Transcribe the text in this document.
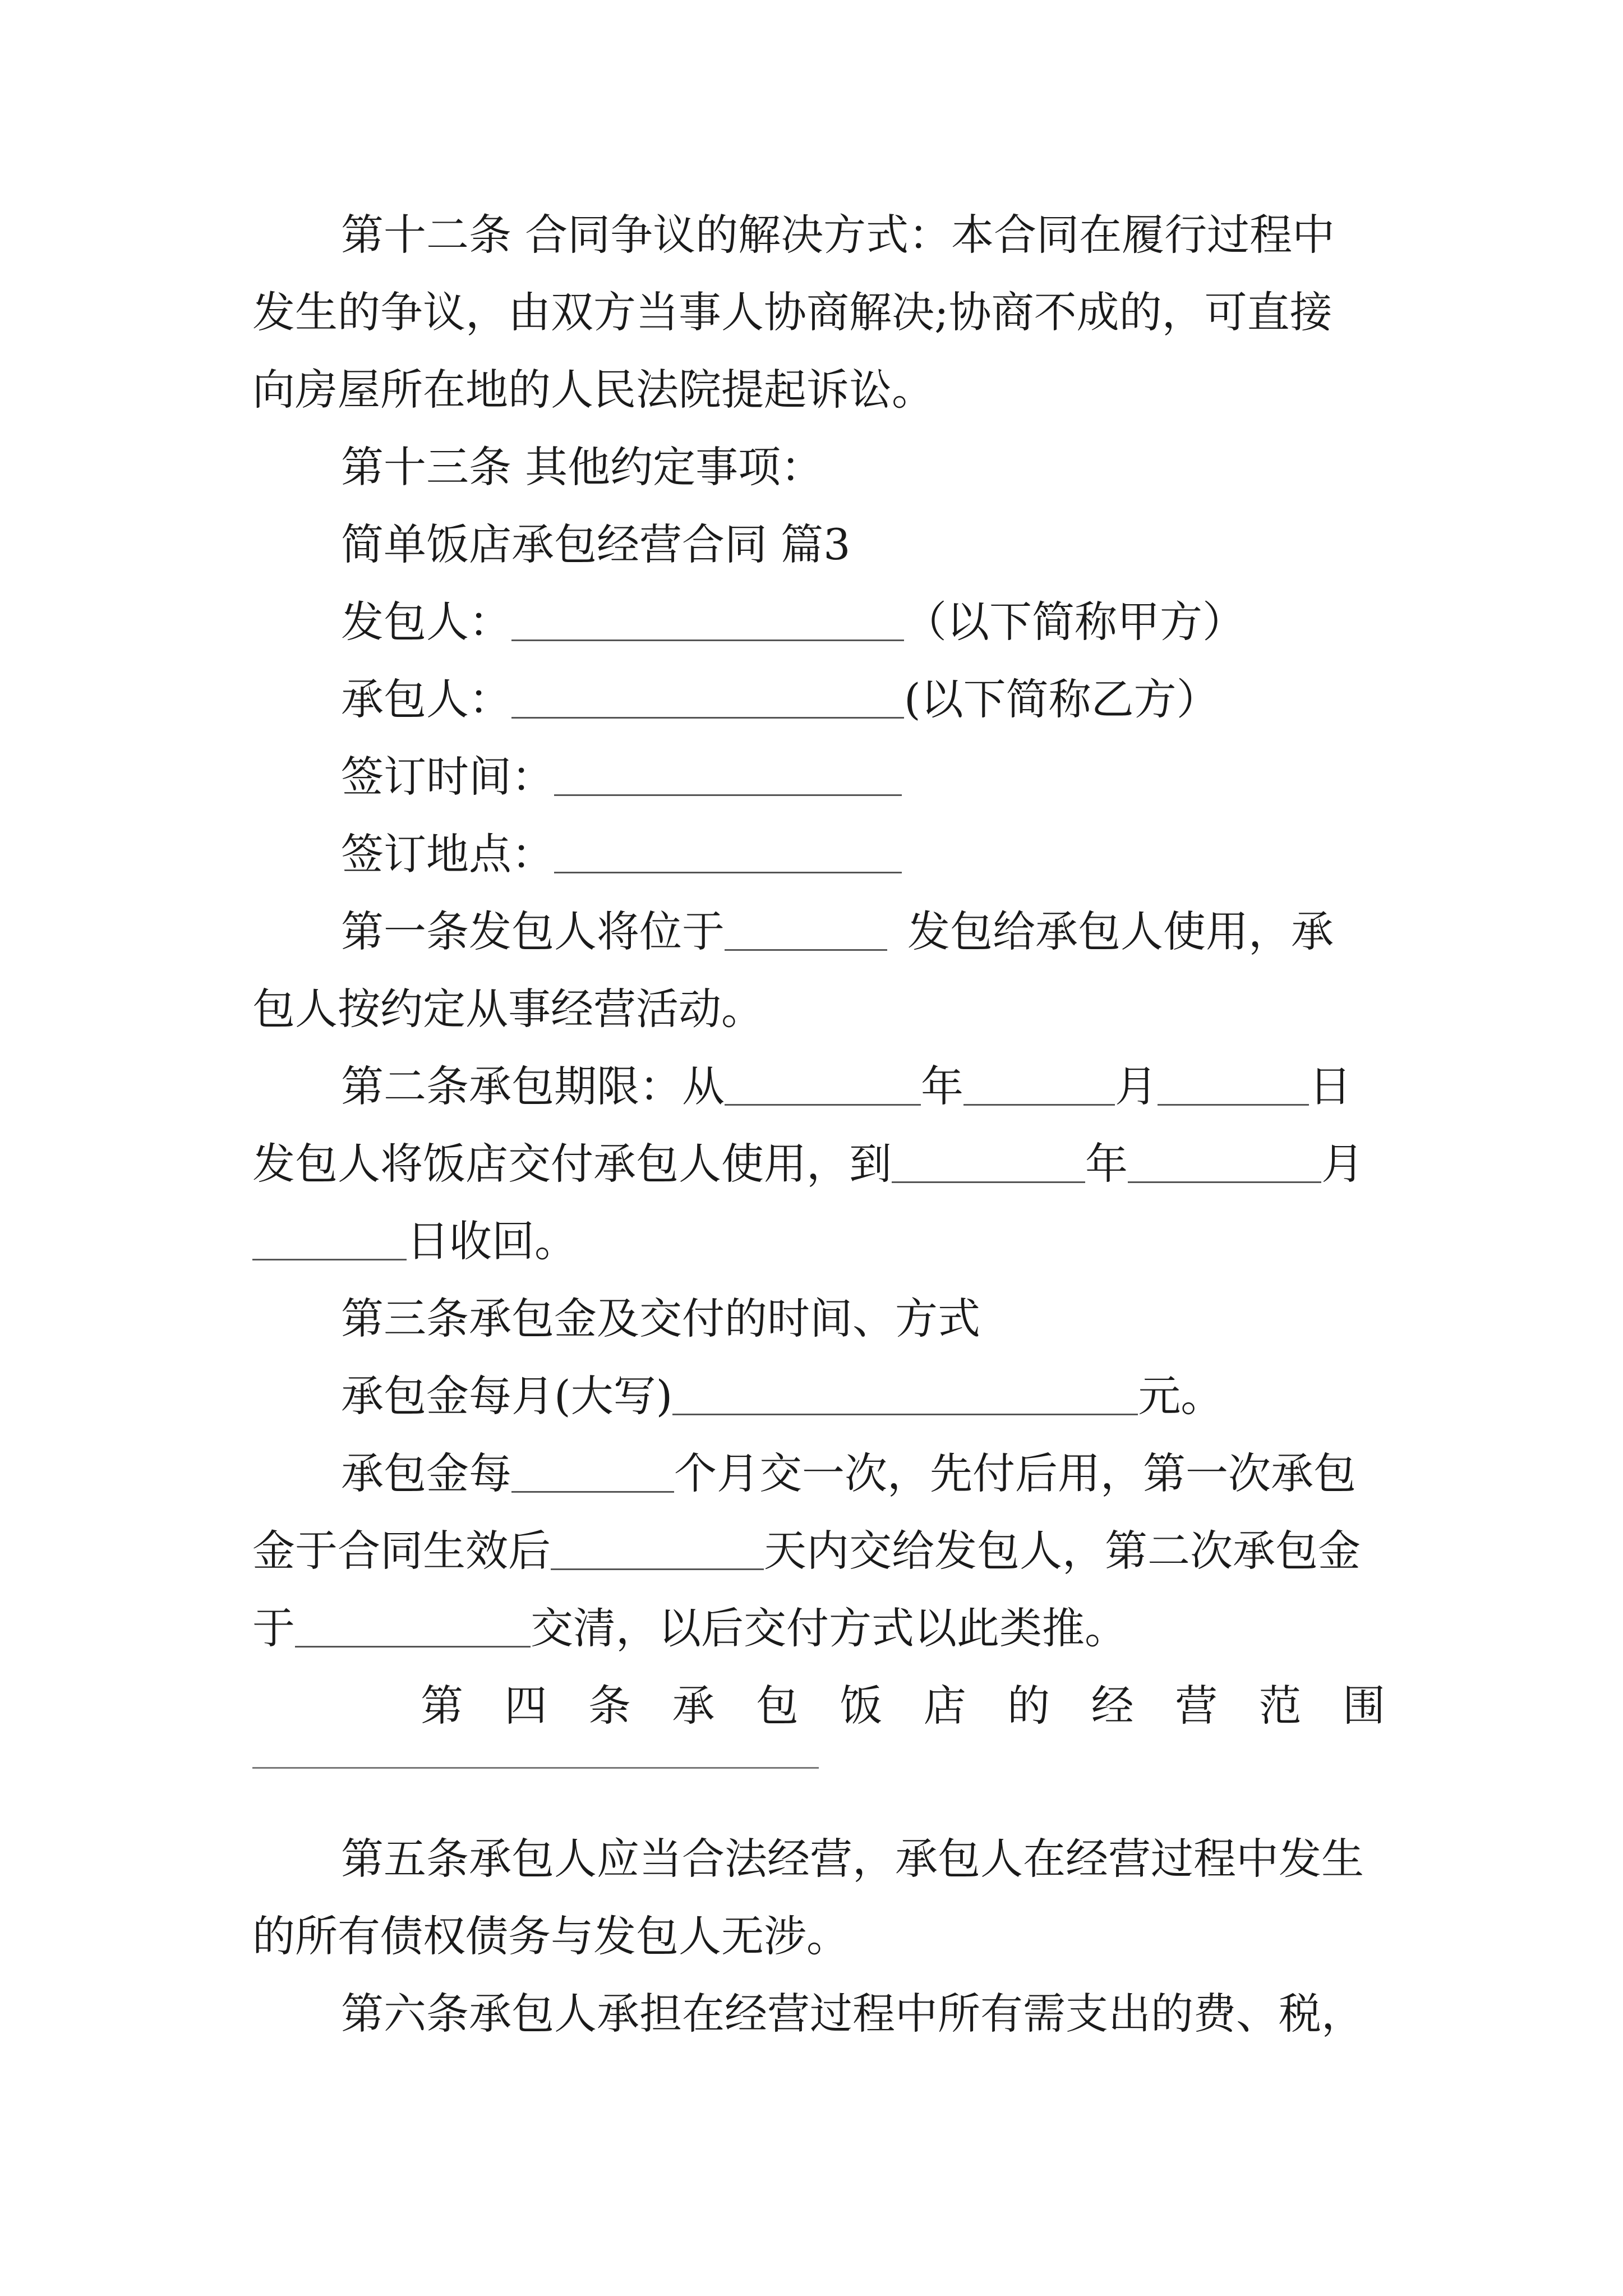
第十二条 合同争议的解决方式：本合同在履行过程中

发生的争议，由双方当事人协商解决;协商不成的，可直接

向房屋所在地的人民法院提起诉讼。

第十三条 其他约定事项：

简单饭店承包经营合同 篇3

发包人：	（以下简称甲方）

承包人：	(以下简称乙方）

签订时间：

签订地点：

第一条发包人将位于	发包给承包人使用，承

包人按约定从事经营活动。

第二条承包期限：从	年	月	日

发包人将饭店交付承包人使用，到	年	月

日收回。

第三条承包金及交付的时间、方式

承包金每月(大写)	元。

承包金每	个月交一次，先付后用，第一次承包

金于合同生效后	天内交给发包人，第二次承包金

于	交清，以后交付方式以此类推。

第 四 条 承 包 饭 店 的 经 营 范 围

第五条承包人应当合法经营，承包人在经营过程中发生

的所有债权债务与发包人无涉。

第六条承包人承担在经营过程中所有需支出的费、税，
